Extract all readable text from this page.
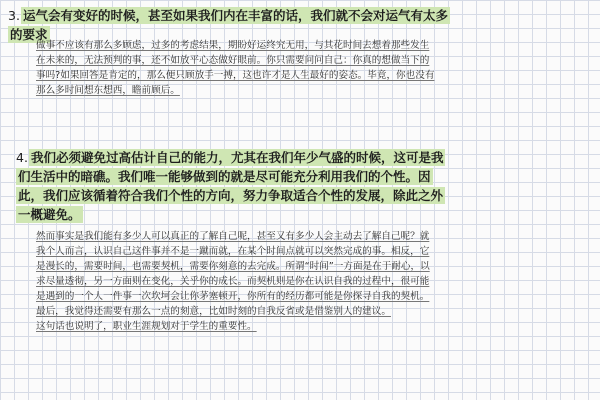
3. 运气会有变好的时候，甚至如果我们内在丰富的话，我们就不会对运气有太多的要求

做事不应该有那么多顾虑，过多的考虑结果，期盼好运终究无用，与其花时间去想着那些发生在未来的，无法预判的事，还不如放平心态做好眼前。你只需要问问自己：你真的想做当下的事吗?如果回答是肯定的，那么便只顾放手一搏，这也许才是人生最好的姿态。毕竟，你也没有那么多时间想东想西，瞻前顾后。

4. 我们必须避免过高估计自己的能力，尤其在我们年少气盛的时候，这可是我们生活中的暗礁。我们唯一能够做到的就是尽可能充分利用我们的个性。因此，我们应该循着符合我们个性的方向，努力争取适合个性的发展，除此之外一概避免。

然而事实是我们能有多少人可以真正的了解自己呢，甚至又有多少人会主动去了解自己呢？就我个人而言，认识自己这件事并不是一蹴而就，在某个时间点就可以突然完成的事。相反，它是漫长的，需要时间，也需要契机，需要你刻意的去完成。所谓“时间”一方面是在于耐心，以求尽量透彻，另一方面则在变化，关乎你的成长。而契机则是你在认识自我的过程中，很可能是遇到的一个人一件事一次坎坷会让你茅塞顿开，你所有的经历都可能是你探寻自我的契机。最后，我觉得还需要有那么一点的刻意，比如时刻的自我反省或是借鉴别人的建议。

这句话也说明了，职业生涯规划对于学生的重要性。
